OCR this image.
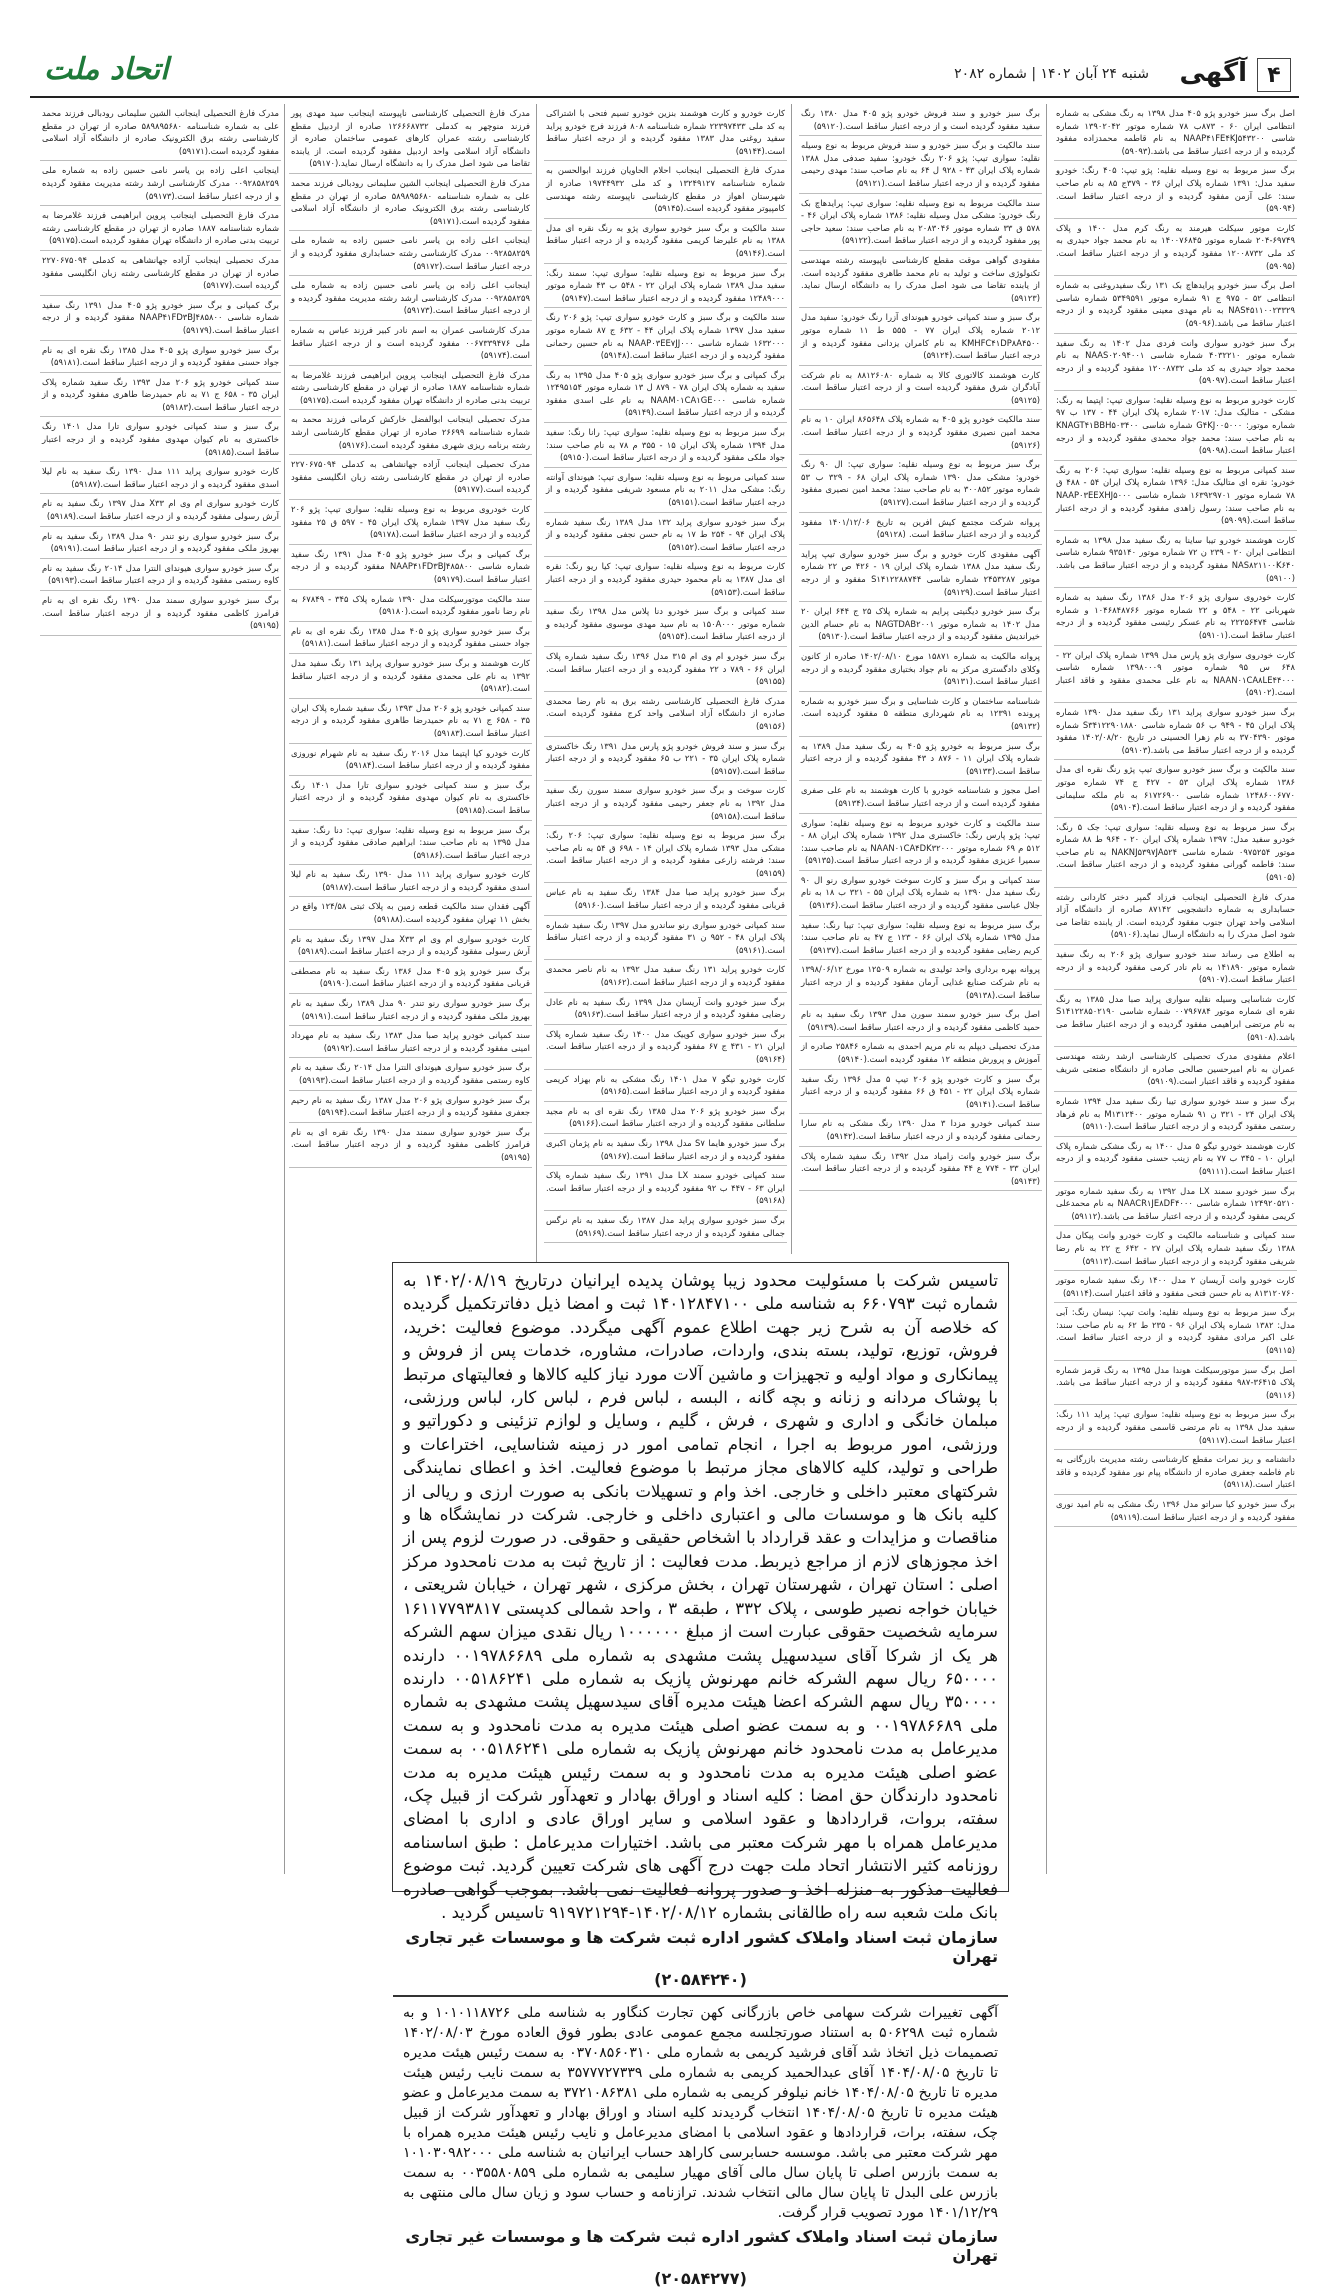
۴
آگهی
شنبه ۲۴ آبان ۱۴۰۲ | شماره ۲۰۸۲
اتحاد ملت
اصل برگ سبز خودرو پژو ۴۰۵ مدل ۱۳۹۸ به رنگ مشکی به شماره انتظامی ایران ۶۰ - ۸۷۳ب ۷۸ شماره موتور ۱۳۹۰۲۰۴۲ شماره شاسی NAAP۴۱FE۴KJ۵۴۳۲۰۰ به نام قاطمه محمدزاده مفقود گردیده و از درجه اعتبار ساقط می باشد.(۵۹۰۹۳)
برگ سبز مربوط به نوع وسیله نقلیه: پژو تیپ: ۴۰۵ رنگ: خودرو سفید مدل: ۱۳۹۱ شماره پلاک ایران ۳۶ - ۳۷۹ج ۸۵ به نام صاحب سند: علی آزمن مفقود گردیده و از درجه اعتبار ساقط است.(۵۹۰۹۴)
کارت موتور سیکلت هیرمند به رنگ کرم مدل ۱۴۰۰ و پلاک ۶۹۷۴۹-۲۰۴ شماره موتور ۱۴۰۰۷۶۸۴۵ به نام محمد جواد حیدری به کد ملی ۱۲۰۰۸۷۳۲ مفقود گردیده و از درجه اعتبار ساقط است.(۵۹۰۹۵)
اصل برگ سبز خودرو پرایدهاچ بک ۱۳۱ رنگ سفیدروغنی به شماره انتظامی ۵۲ - ۹۷۵ ج ۹۱ شماره موتور ۵۳۴۹۵۹۱ شماره شاسی NAS۴۵۱۱۰۰۲۳۳۲۹ به نام مهدی معینی مفقود گردیده و از درجه اعتبار ساقط می باشد.(۵۹۰۹۶)
برگ سبز خودرو سواری وانت فردی مدل ۱۴۰۲ به رنگ سفید شماره موتور ۴۰۳۲۲۱۰ شماره شاسی NAAS۰۲۰۹۴۰۰۱ به نام محمد جواد حیدری به کد ملی ۱۲۰۰۸۷۳۲ مفقود گردیده و از درجه اعتبار ساقط است.(۵۹۰۹۷)
کارت خودرو مربوط به نوع وسیله نقلیه: سواری تیپ: اپتیما به رنگ: مشکی - متالیک مدل: ۲۰۱۷ شماره پلاک ایران ۴۴ - ۱۳۷ ب ۹۷ شماره موتور: G۴KJ۰۰۵۰۰۰ شماره شاسی KNAGT۴۱BBH۵۰۳۴۰۰ به نام صاحب سند: محمد جواد محمدی مفقود گردیده و از درجه اعتبار ساقط است.(۵۹۰۹۸)
سند کمپانی مربوط به نوع وسیله نقلیه: سواری تیپ: ۲۰۶ به رنگ خودرو: نقره ای متالیک مدل: ۱۳۹۶ شماره پلاک ایران ۵۴ - ۴۸۸ ق ۷۸ شماره موتور ۱۶۳۹۲۹۷۰۱ شماره شاسی NAAP۰۳EEXHJ۵۰۰۰ به نام صاحب سند: رسول زاهدی مفقود گردیده و از درجه اعتبار ساقط است.(۵۹۰۹۹)
کارت هوشمند خودرو تیبا ساینا به رنگ سفید مدل ۱۳۹۸ به شماره انتظامی ایران ۲۰ - ۲۳۹ ن ۷۲ شماره موتور ۹۳۵۱۴۰ شماره شاسی NAS۸۲۱۱۰۰K۶۴۰ مفقود گردیده و از درجه اعتبار ساقط می باشد.(۵۹۱۰۰)
کارت خودروی سواری پژو ۲۰۶ مدل ۱۳۸۶ رنگ سفید به شماره شهربانی ۲۲ - ۵۴۸ و ۲۲ شماره موتور ۱۰۴۶۸۴۸۷۶۶ و شماره شاسی ۲۲۲۵۶۴۷۴ به نام عسکر رئیسی مفقود گردیده و از درجه اعتبار ساقط است.(۵۹۱۰۱)
کارت خودروی سواری پژو پارس مدل ۱۳۹۹ شماره پلاک ایران ۲۲ - ۶۴۸ س ۹۵ شماره موتور ۱۳۹۸۰۰۰۹ شماره شاسی NAAN۰۱CA۸LE۴۴۰۰۰ به نام علی محمدی مفقود و فاقد اعتبار است.(۵۹۱۰۲)
برگ سبز خودرو سواری پراید ۱۳۱ رنگ سفید مدل ۱۳۹۰ شماره پلاک ایران ۴۵ - ۹۴۹ ب ۵۶ شماره شاسی S۳۴۱۲۲۹۰۱۸۸۰ شماره موتور ۳۷۰۴۳۹۰ به نام زهرا الحسینی در تاریخ ۱۴۰۲/۰۸/۲۰ مفقود گردیده و از درجه اعتبار ساقط می باشد.(۵۹۱۰۳)
سند مالکیت و برگ سبز خودرو سواری تیپ پژو رنگ نقره ای مدل ۱۳۸۶ شماره پلاک ایران ۵۳ - ۴۲۷ ج ۷۴ شماره موتور ۱۲۴۸۶۰۰۶۷۷۰ شماره شاسی ۶۱۷۲۶۹۰۰ به نام ملکه سلیمانی مفقود گردیده و از درجه اعتبار ساقط است.(۵۹۱۰۴)
برگ سبز مربوط به نوع وسیله نقلیه: سواری تیپ: جک ۵ رنگ: خودرو سفید مدل: ۱۳۹۷ شماره پلاک ایران ۲۰ - ۹۶۴ ط ۸۸ شماره موتور ۰۹۷۵۲۵۴ شماره شاسی NAKNJ۵۳۹۷JA۵۲۴ به نام صاحب سند: فاطمه گورانی مفقود گردیده و از درجه اعتبار ساقط است.(۵۹۱۰۵)
مدرک فارغ التحصیلی اینجانب فرزاد گمپر دختر کاردانی رشته حسابداری به شماره دانشجویی ۸۷۱۴۲ صادره از دانشگاه آزاد اسلامی واحد تهران جنوب مفقود گردیده است. از یابنده تقاضا می شود اصل مدرک را به دانشگاه ارسال نماید.(۵۹۱۰۶)
به اطلاع می رساند سند خودرو سواری پژو ۲۰۶ به رنگ سفید شماره موتور ۱۴۱۸۹۰ به نام نادر کرمی مفقود گردیده و از درجه اعتبار ساقط است.(۵۹۱۰۷)
کارت شناسایی وسیله نقلیه سواری پراید صبا مدل ۱۳۸۵ به رنگ نقره ای شماره موتور ۰۰۷۹۶۷۸۴ شماره شاسی S۱۴۱۲۲۸۵۰۲۱۹۰ به نام مرتضی ابراهیمی مفقود گردیده و از درجه اعتبار ساقط می باشد.(۵۹۱۰۸)
اعلام مفقودی مدرک تحصیلی کارشناسی ارشد رشته مهندسی عمران به نام امیرحسین صالحی صادره از دانشگاه صنعتی شریف مفقود گردیده و فاقد اعتبار است.(۵۹۱۰۹)
برگ سبز و سند خودرو سواری تیبا رنگ سفید مدل ۱۳۹۴ شماره پلاک ایران ۲۴ - ۳۲۱ ن ۹۱ شماره موتور M۱۳۱۲۴۰۰ به نام فرهاد رستمی مفقود گردیده و از درجه اعتبار ساقط است.(۵۹۱۱۰)
کارت هوشمند خودرو تیگو ۵ مدل ۱۴۰۰ به رنگ مشکی شماره پلاک ایران ۱۰ - ۳۴۵ ب ۷۷ به نام زینب حسنی مفقود گردیده و از درجه اعتبار ساقط است.(۵۹۱۱۱)
برگ سبز خودرو سمند LX مدل ۱۳۹۲ به رنگ سفید شماره موتور ۱۲۴۹۲۰۵۲۱۰ شماره شاسی NAACR۱JE۸DF۴۰۰۰ به نام محمدعلی کریمی مفقود گردیده و از درجه اعتبار ساقط می باشد.(۵۹۱۱۲)
سند کمپانی و شناسنامه مالکیت و کارت خودرو وانت پیکان مدل ۱۳۸۸ رنگ سفید شماره پلاک ایران ۲۷ - ۶۴۲ ج ۲۲ به نام رضا شریفی مفقود گردیده و از درجه اعتبار ساقط است.(۵۹۱۱۳)
کارت خودرو وانت آریسان ۲ مدل ۱۴۰۰ رنگ سفید شماره موتور ۸۱۳۱۲۰۷۶۰ به نام حسن فتحی مفقود و فاقد اعتبار است.(۵۹۱۱۴)
برگ سبز مربوط به نوع وسیله نقلیه: وانت تیپ: نیسان رنگ: آبی مدل: ۱۳۸۲ شماره پلاک ایران ۹۶ - ۲۳۵ ط ۶۲ به نام صاحب سند: علی اکبر مرادی مفقود گردیده و از درجه اعتبار ساقط است.(۵۹۱۱۵)
اصل برگ سبز موتورسیکلت هوندا مدل ۱۳۹۵ به رنگ قرمز شماره پلاک ۳۶۴۱۵-۹۸۷ مفقود گردیده و از درجه اعتبار ساقط می باشد.(۵۹۱۱۶)
برگ سبز مربوط به نوع وسیله نقلیه: سواری تیپ: پراید ۱۱۱ رنگ: سفید مدل ۱۳۹۸ به نام مرتضی قاسمی مفقود گردیده و از درجه اعتبار ساقط است.(۵۹۱۱۷)
دانشنامه و ریز نمرات مقطع کارشناسی رشته مدیریت بازرگانی به نام فاطمه جعفری صادره از دانشگاه پیام نور مفقود گردیده و فاقد اعتبار است.(۵۹۱۱۸)
برگ سبز خودرو کیا سراتو مدل ۱۳۹۶ رنگ مشکی به نام امید نوری مفقود گردیده و از درجه اعتبار ساقط است.(۵۹۱۱۹)
برگ سبز خودرو و سند فروش خودرو پژو ۴۰۵ مدل ۱۳۸۰ رنگ سفید مفقود گردیده است و از درجه اعتبار ساقط است.(۵۹۱۲۰)
سند مالکیت و برگ سبز خودرو و سند فروش مربوط به نوع وسیله نقلیه: سواری تیپ: پژو ۲۰۶ رنگ خودرو: سفید صدفی مدل ۱۳۸۸ شماره پلاک ایران ۴۳ - ۹۲۸ ل ۶۴ به نام صاحب سند: مهدی رحیمی مفقود گردیده و از درجه اعتبار ساقط است.(۵۹۱۲۱)
سند مالکیت مربوط به نوع وسیله نقلیه: سواری تیپ: پرایدهاچ بک رنگ خودرو: مشکی مدل وسیله نقلیه: ۱۳۸۶ شماره پلاک ایران ۴۶ - ۵۷۸ ق ۳۳ شماره موتور ۲۰۸۳۰۴۶ به نام صاحب سند: سعید حاجی پور مفقود گردیده و از درجه اعتبار ساقط است.(۵۹۱۲۲)
مفقودی گواهی موقت مقطع کارشناسی ناپیوسته رشته مهندسی تکنولوژی ساخت و تولید به نام محمد طاهری مفقود گردیده است. از یابنده تقاضا می شود اصل مدرک را به دانشگاه ارسال نماید.(۵۹۱۲۳)
برگ سبز و سند کمپانی خودرو هیوندای آزرا رنگ خودرو: سفید مدل ۲۰۱۲ شماره پلاک ایران ۷۷ - ۵۵۵ ط ۱۱ شماره موتور KMHFC۴۱DP۸A۴۵۰۰ به نام کامران یزدانی مفقود گردیده و از درجه اعتبار ساقط است.(۵۹۱۲۴)
کارت هوشمند کالاتوری کالا به شماره ۸۸۱۲۶۰۸۰ به نام شرکت آبادگران شرق مفقود گردیده است و از درجه اعتبار ساقط است.(۵۹۱۲۵)
سند مالکیت خودرو پژو ۴۰۵ به شماره پلاک ۸۶۵۶۴۸ ایران ۱۰ به نام محمد امین نصیری مفقود گردیده و از درجه اعتبار ساقط است.(۵۹۱۲۶)
برگ سبز مربوط به نوع وسیله نقلیه: سواری تیپ: ال ۹۰ رنگ خودرو: مشکی مدل ۱۳۹۰ شماره پلاک ایران ۶۸ - ۳۲۹ ب ۵۳ شماره موتور ۳۰۰۸۵۲ به نام صاحب سند: محمد امین نصیری مفقود گردیده و از درجه اعتبار ساقط است.(۵۹۱۲۷)
پروانه شرکت مجتمع کیش افرین به تاریخ ۱۴۰۱/۱۲/۰۶ مفقود گردیده و از درجه اعتبار ساقط است. (۵۹۱۲۸)
آگهی مفقودی کارت خودرو و برگ سبز خودرو سواری تیپ پراید رنگ سفید مدل ۱۳۸۸ شماره پلاک ایران ۱۹ - ۴۲۶ ص ۲۲ شماره موتور ۲۴۵۳۲۸۷ شماره شاسی S۱۴۱۲۲۸۸۷۴۴ مفقود و از درجه اعتبار ساقط است.(۵۹۱۲۹)
برگ سبز خودرو دیگنیتی پرایم به شماره پلاک ۲۵ ج ۶۴۴ ایران ۲۰ مدل ۱۴۰۲ به شماره موتور NAGTDAB۲۰۰۱ به نام حسام الدین خیراندیش مفقود گردیده و از درجه اعتبار ساقط است.(۵۹۱۳۰)
پروانه مالکیت به شماره ۱۵۸۷۱ مورخ ۱۴۰۲/۰۸/۱۰ صادره از کانون وکلای دادگستری مرکز به نام جواد بختیاری مفقود گردیده و از درجه اعتبار ساقط است.(۵۹۱۳۱)
شناسنامه ساختمان و کارت شناسایی و برگ سبز خودرو به شماره پرونده ۱۲۳۹۱ به نام شهرداری منطقه ۵ مفقود گردیده است.(۵۹۱۳۲)
برگ سبز مربوط به خودرو پژو ۴۰۵ به رنگ سفید مدل ۱۳۸۹ به شماره پلاک ایران ۱۱ - ۸۷۶ د ۴۳ مفقود گردیده و از درجه اعتبار ساقط است.(۵۹۱۳۳)
اصل مجوز و شناسنامه خودرو با کارت هوشمند به نام علی صفری مفقود گردیده است و از درجه اعتبار ساقط است.(۵۹۱۳۴)
سند مالکیت و کارت خودرو مربوط به نوع وسیله نقلیه: سواری تیپ: پژو پارس رنگ: خاکستری مدل ۱۳۹۲ شماره پلاک ایران ۸۸ - ۵۱۲ م ۶۹ شماره موتور NAAN۰۱CA۴DK۳۲۰۰۰ به نام صاحب سند: سمیرا عزیزی مفقود گردیده و از درجه اعتبار ساقط است.(۵۹۱۳۵)
سند کمپانی و برگ سبز و کارت سوخت خودرو سواری رنو ال ۹۰ رنگ سفید مدل ۱۳۹۰ به شماره پلاک ایران ۵۵ - ۳۲۱ ب ۱۸ به نام جلال عباسی مفقود گردیده و از درجه اعتبار ساقط است.(۵۹۱۳۶)
برگ سبز مربوط به نوع وسیله نقلیه: سواری تیپ: تیبا رنگ: سفید مدل ۱۳۹۵ شماره پلاک ایران ۶۶ - ۱۲۳ ج ۴۷ به نام صاحب سند: کریم رضایی مفقود گردیده و از درجه اعتبار ساقط است.(۵۹۱۳۷)
پروانه بهره برداری واحد تولیدی به شماره ۱۲۵۰۹ مورخ ۱۳۹۸/۰۶/۱۲ به نام شرکت صنایع غذایی آرمان مفقود گردیده و از درجه اعتبار ساقط است.(۵۹۱۳۸)
اصل برگ سبز خودرو سمند سورن مدل ۱۳۹۳ رنگ سفید به نام حمید کاظمی مفقود گردیده و از درجه اعتبار ساقط است.(۵۹۱۳۹)
مدرک تحصیلی دیپلم به نام مریم احمدی به شماره ۲۵۸۴۶ صادره از آموزش و پرورش منطقه ۱۲ مفقود گردیده است.(۵۹۱۴۰)
برگ سبز و کارت خودرو پژو ۲۰۶ تیپ ۵ مدل ۱۳۹۶ رنگ سفید شماره پلاک ایران ۲۲ - ۴۵۱ ق ۶۶ مفقود گردیده و از درجه اعتبار ساقط است.(۵۹۱۴۱)
سند کمپانی خودرو مزدا ۳ مدل ۱۳۹۰ رنگ مشکی به نام سارا رحمانی مفقود گردیده و از درجه اعتبار ساقط است.(۵۹۱۴۲)
برگ سبز خودرو وانت زامیاد مدل ۱۳۹۲ رنگ سفید شماره پلاک ایران ۳۳ - ۷۷۴ ع ۴۴ مفقود گردیده و از درجه اعتبار ساقط است.(۵۹۱۴۳)
کارت خودرو و کارت هوشمند بنزین خودرو تسیم فتحی با اشتراکی به کد ملی ۲۲۳۹۷۴۳۳ شماره شناسنامه ۸۰۸ فرزند فرج خودرو پراید سفید روغنی مدل ۱۳۸۳ مفقود گردیده و از درجه اعتبار ساقط است.(۵۹۱۴۴)
مدرک فارغ التحصیلی اینجانب احلام الحاویان فرزند ابوالحسن به شماره شناسنامه ۱۳۲۴۹۱۲۷ و کد ملی ۱۹۷۴۴۹۳۲ صادره از شهرستان اهواز در مقطع کارشناسی ناپیوسته رشته مهندسی کامپیوتر مفقود گردیده است.(۵۹۱۴۵)
سند مالکیت و برگ سبز خودرو سواری پژو به رنگ نقره ای مدل ۱۳۸۸ به نام علیرضا کریمی مفقود گردیده و از درجه اعتبار ساقط است.(۵۹۱۴۶)
برگ سبز مربوط به نوع وسیله نقلیه: سواری تیپ: سمند رنگ: سفید مدل ۱۳۸۹ شماره پلاک ایران ۲۲ - ۵۴۸ ب ۴۳ شماره موتور ۱۲۴۸۹۰۰۰ مفقود گردیده و از درجه اعتبار ساقط است.(۵۹۱۴۷)
سند مالکیت و برگ سبز و کارت خودرو سواری تیپ: پژو ۲۰۶ رنگ سفید مدل ۱۳۹۷ شماره پلاک ایران ۴۴ - ۶۳۲ ج ۸۷ شماره موتور ۱۶۳۲۰۰۰ شماره شاسی NAAP۰۳EE۷JJ۰۰۰ به نام حسین رحمانی مفقود گردیده و از درجه اعتبار ساقط است.(۵۹۱۴۸)
برگ کمپانی و برگ سبز خودرو سواری پژو ۴۰۵ مدل ۱۳۹۵ به رنگ سفید به شماره پلاک ایران ۷۸ - ۸۷۹ ل ۱۳ شماره موتور ۱۲۴۹۵۱۵۴ شماره شاسی NAAM۰۱CA۱GE۰۰۰ به نام علی اسدی مفقود گردیده و از درجه اعتبار ساقط است.(۵۹۱۴۹)
برگ سبز مربوط به نوع وسیله نقلیه: سواری تیپ: رانا رنگ: سفید مدل ۱۳۹۴ شماره پلاک ایران ۱۵ - ۳۵۵ م ۷۸ به نام صاحب سند: جواد ملکی مفقود گردیده و از درجه اعتبار ساقط است.(۵۹۱۵۰)
سند کمپانی مربوط به نوع وسیله نقلیه: سواری تیپ: هیوندای آوانته رنگ: مشکی مدل ۲۰۱۱ به نام مسعود شریفی مفقود گردیده و از درجه اعتبار ساقط است.(۵۹۱۵۱)
برگ سبز خودرو سواری پراید ۱۳۲ مدل ۱۳۸۹ رنگ سفید شماره پلاک ایران ۹۴ - ۲۵۴ ط ۱۷ به نام حسن نجفی مفقود گردیده و از درجه اعتبار ساقط است.(۵۹۱۵۲)
کارت مربوط به نوع وسیله نقلیه: سواری تیپ: کیا ریو رنگ: نقره ای مدل ۱۳۸۷ به نام محمود حیدری مفقود گردیده و از درجه اعتبار ساقط است.(۵۹۱۵۳)
سند کمپانی و برگ سبز خودرو دنا پلاس مدل ۱۳۹۸ رنگ سفید شماره موتور ۱۵۰A۰۰۰ به نام سید مهدی موسوی مفقود گردیده و از درجه اعتبار ساقط است.(۵۹۱۵۴)
برگ سبز خودرو ام وی ام ۳۱۵ مدل ۱۳۹۶ رنگ سفید شماره پلاک ایران ۶۶ - ۷۸۹ د ۲۲ مفقود گردیده و از درجه اعتبار ساقط است.(۵۹۱۵۵)
مدرک فارغ التحصیلی کارشناسی رشته برق به نام رضا محمدی صادره از دانشگاه آزاد اسلامی واحد کرج مفقود گردیده است.(۵۹۱۵۶)
برگ سبز و سند فروش خودرو پژو پارس مدل ۱۳۹۱ رنگ خاکستری شماره پلاک ایران ۳۵ - ۲۲۱ ب ۶۵ مفقود گردیده و از درجه اعتبار ساقط است.(۵۹۱۵۷)
کارت سوخت و برگ سبز خودرو سواری سمند سورن رنگ سفید مدل ۱۳۹۲ به نام جعفر رحیمی مفقود گردیده و از درجه اعتبار ساقط است.(۵۹۱۵۸)
برگ سبز مربوط به نوع وسیله نقلیه: سواری تیپ: ۲۰۶ رنگ: مشکی مدل ۱۳۹۳ شماره پلاک ایران ۱۴ - ۶۹۸ ق ۵۴ به نام صاحب سند: فرشته زارعی مفقود گردیده و از درجه اعتبار ساقط است.(۵۹۱۵۹)
برگ سبز خودرو پراید صبا مدل ۱۳۸۴ رنگ سفید به نام عباس قربانی مفقود گردیده و از درجه اعتبار ساقط است.(۵۹۱۶۰)
سند کمپانی خودرو سواری رنو ساندرو مدل ۱۳۹۷ رنگ سفید شماره پلاک ایران ۴۸ - ۹۵۲ ن ۳۱ مفقود گردیده و از درجه اعتبار ساقط است.(۵۹۱۶۱)
کارت خودرو پراید ۱۳۱ رنگ سفید مدل ۱۳۹۲ به نام ناصر محمدی مفقود گردیده و از درجه اعتبار ساقط است.(۵۹۱۶۲)
برگ سبز خودرو وانت آریسان مدل ۱۳۹۹ رنگ سفید به نام عادل رضایی مفقود گردیده و از درجه اعتبار ساقط است.(۵۹۱۶۳)
برگ سبز خودرو سواری کوییک مدل ۱۴۰۰ رنگ سفید شماره پلاک ایران ۲۱ - ۴۳۱ ج ۶۷ مفقود گردیده و از درجه اعتبار ساقط است.(۵۹۱۶۴)
کارت خودرو تیگو ۷ مدل ۱۴۰۱ رنگ مشکی به نام بهزاد کریمی مفقود گردیده و از درجه اعتبار ساقط است.(۵۹۱۶۵)
برگ سبز خودرو پژو ۲۰۶ مدل ۱۳۸۵ رنگ نقره ای به نام مجید سلطانی مفقود گردیده و از درجه اعتبار ساقط است.(۵۹۱۶۶)
برگ سبز خودرو هایما S۷ مدل ۱۳۹۸ رنگ سفید به نام پژمان اکبری مفقود گردیده و از درجه اعتبار ساقط است.(۵۹۱۶۷)
سند کمپانی خودرو سمند LX مدل ۱۳۹۱ رنگ سفید شماره پلاک ایران ۶۳ - ۴۴۷ ب ۹۲ مفقود گردیده و از درجه اعتبار ساقط است.(۵۹۱۶۸)
برگ سبز خودرو سواری پراید مدل ۱۳۸۷ رنگ سفید به نام نرگس جمالی مفقود گردیده و از درجه اعتبار ساقط است.(۵۹۱۶۹)
مدرک فارغ التحصیلی کارشناسی ناپیوسته اینجانب سید مهدی پور فرزند منوچهر به کدملی ۱۲۶۶۶۸۷۳۲ صادره از اردبیل مقطع کارشناسی رشته عمران کارهای عمومی ساختمان صادره از دانشگاه آزاد اسلامی واحد اردبیل مفقود گردیده است. از یابنده تقاضا می شود اصل مدرک را به دانشگاه ارسال نماید.(۵۹۱۷۰)
مدرک فارغ التحصیلی اینجانب الشین سلیمانی رودبالی فرزند محمد علی به شماره شناسنامه ۵۸۹۸۹۵۶۸۰ صادره از تهران در مقطع کارشناسی رشته برق الکترونیک صادره از دانشگاه آزاد اسلامی مفقود گردیده است.(۵۹۱۷۱)
اینجانب اعلی زاده بن یاسر نامی حسین زاده به شماره ملی ۰۰۹۲۸۵۸۲۵۹ مدرک کارشناسی رشته حسابداری مفقود گردیده و از درجه اعتبار ساقط است.(۵۹۱۷۲)
اینجانب اعلی زاده بن یاسر نامی حسین زاده به شماره ملی ۰۰۹۲۸۵۸۲۵۹ مدرک کارشناسی ارشد رشته مدیریت مفقود گردیده و از درجه اعتبار ساقط است.(۵۹۱۷۳)
مدرک کارشناسی عمران به اسم نادر کبیر فرزند عباس به شماره ملی ۰۰۶۷۳۳۹۴۷۶ مفقود گردیده است و از درجه اعتبار ساقط است.(۵۹۱۷۴)
مدرک فارغ التحصیلی اینجانب پروین ابراهیمی فرزند غلامرضا به شماره شناسنامه ۱۸۸۷ صادره از تهران در مقطع کارشناسی رشته تربیت بدنی صادره از دانشگاه تهران مفقود گردیده است.(۵۹۱۷۵)
مدرک تحصیلی اینجانب ابوالفضل خارکش کرمانی فرزند محمد به شماره شناسنامه ۲۶۶۹۹ صادره از تهران مقطع کارشناسی ارشد رشته برنامه ریزی شهری مفقود گردیده است.(۵۹۱۷۶)
مدرک تحصیلی اینجانب آزاده جهانشاهی به کدملی ۲۲۷۰۶۷۵۰۹۴ صادره از تهران در مقطع کارشناسی رشته زبان انگلیسی مفقود گردیده است.(۵۹۱۷۷)
کارت خودروی مربوط به نوع وسیله نقلیه: سواری تیپ: پژو ۲۰۶ رنگ سفید مدل ۱۳۹۷ شماره پلاک ایران ۴۵ - ۵۹۷ ق ۲۵ مفقود گردیده و از درجه اعتبار ساقط است.(۵۹۱۷۸)
برگ کمپانی و برگ سبز خودرو پژو ۴۰۵ مدل ۱۳۹۱ رنگ سفید شماره شاسی NAAP۴۱FD۳BJ۴۸۵۸۰۰ مفقود گردیده و از درجه اعتبار ساقط است.(۵۹۱۷۹)
سند مالکیت موتورسیکلت مدل ۱۳۹۰ شماره پلاک ۳۴۵ - ۶۷۸۴۹ به نام رضا نامور مفقود گردیده است.(۵۹۱۸۰)
برگ سبز خودرو سواری پژو ۴۰۵ مدل ۱۳۸۵ رنگ نقره ای به نام جواد حسنی مفقود گردیده و از درجه اعتبار ساقط است.(۵۹۱۸۱)
کارت هوشمند و برگ سبز خودرو سواری پراید ۱۳۱ رنگ سفید مدل ۱۳۹۲ به نام علی محمدی مفقود گردیده و از درجه اعتبار ساقط است.(۵۹۱۸۲)
سند کمپانی خودرو پژو ۲۰۶ مدل ۱۳۹۳ رنگ سفید شماره پلاک ایران ۳۵ - ۶۵۸ ج ۷۱ به نام حمیدرضا طاهری مفقود گردیده و از درجه اعتبار ساقط است.(۵۹۱۸۳)
کارت خودرو کیا اپتیما مدل ۲۰۱۶ رنگ سفید به نام شهرام نوروزی مفقود گردیده و از درجه اعتبار ساقط است.(۵۹۱۸۴)
برگ سبز و سند کمپانی خودرو سواری تارا مدل ۱۴۰۱ رنگ خاکستری به نام کیوان مهدوی مفقود گردیده و از درجه اعتبار ساقط است.(۵۹۱۸۵)
برگ سبز مربوط به نوع وسیله نقلیه: سواری تیپ: دنا رنگ: سفید مدل ۱۳۹۵ به نام صاحب سند: ابراهیم صادقی مفقود گردیده و از درجه اعتبار ساقط است.(۵۹۱۸۶)
کارت خودرو سواری پراید ۱۱۱ مدل ۱۳۹۰ رنگ سفید به نام لیلا اسدی مفقود گردیده و از درجه اعتبار ساقط است.(۵۹۱۸۷)
آگهی فقدان سند مالکیت قطعه زمین به پلاک ثبتی ۱۲۴/۵۸ واقع در بخش ۱۱ تهران مفقود گردیده است.(۵۹۱۸۸)
کارت خودرو سواری ام وی ام X۳۳ مدل ۱۳۹۷ رنگ سفید به نام آرش رسولی مفقود گردیده و از درجه اعتبار ساقط است.(۵۹۱۸۹)
برگ سبز خودرو پژو ۴۰۵ مدل ۱۳۸۶ رنگ سفید به نام مصطفی قربانی مفقود گردیده و از درجه اعتبار ساقط است.(۵۹۱۹۰)
برگ سبز خودرو سواری رنو تندر ۹۰ مدل ۱۳۸۹ رنگ سفید به نام بهروز ملکی مفقود گردیده و از درجه اعتبار ساقط است.(۵۹۱۹۱)
سند کمپانی خودرو پراید صبا مدل ۱۳۸۳ رنگ سفید به نام مهرداد امینی مفقود گردیده و از درجه اعتبار ساقط است.(۵۹۱۹۲)
برگ سبز خودرو سواری هیوندای النترا مدل ۲۰۱۴ رنگ سفید به نام کاوه رستمی مفقود گردیده و از درجه اعتبار ساقط است.(۵۹۱۹۳)
برگ سبز خودرو سواری پژو ۲۰۶ مدل ۱۳۸۷ رنگ سفید به نام رحیم جعفری مفقود گردیده و از درجه اعتبار ساقط است.(۵۹۱۹۴)
برگ سبز خودرو سواری سمند مدل ۱۳۹۰ رنگ نقره ای به نام فرامرز کاظمی مفقود گردیده و از درجه اعتبار ساقط است.(۵۹۱۹۵)
مدرک فارغ التحصیلی اینجانب الشین سلیمانی رودبالی فرزند محمد علی به شماره شناسنامه ۵۸۹۸۹۵۶۸۰ صادره از تهران در مقطع کارشناسی رشته برق الکترونیک صادره از دانشگاه آزاد اسلامی مفقود گردیده است.(۵۹۱۷۱)
اینجانب اعلی زاده بن یاسر نامی حسین زاده به شماره ملی ۰۰۹۲۸۵۸۲۵۹ مدرک کارشناسی ارشد رشته مدیریت مفقود گردیده و از درجه اعتبار ساقط است.(۵۹۱۷۳)
مدرک فارغ التحصیلی اینجانب پروین ابراهیمی فرزند غلامرضا به شماره شناسنامه ۱۸۸۷ صادره از تهران در مقطع کارشناسی رشته تربیت بدنی صادره از دانشگاه تهران مفقود گردیده است.(۵۹۱۷۵)
مدرک تحصیلی اینجانب آزاده جهانشاهی به کدملی ۲۲۷۰۶۷۵۰۹۴ صادره از تهران در مقطع کارشناسی رشته زبان انگلیسی مفقود گردیده است.(۵۹۱۷۷)
برگ کمپانی و برگ سبز خودرو پژو ۴۰۵ مدل ۱۳۹۱ رنگ سفید شماره شاسی NAAP۴۱FD۳BJ۴۸۵۸۰۰ مفقود گردیده و از درجه اعتبار ساقط است.(۵۹۱۷۹)
برگ سبز خودرو سواری پژو ۴۰۵ مدل ۱۳۸۵ رنگ نقره ای به نام جواد حسنی مفقود گردیده و از درجه اعتبار ساقط است.(۵۹۱۸۱)
سند کمپانی خودرو پژو ۲۰۶ مدل ۱۳۹۳ رنگ سفید شماره پلاک ایران ۳۵ - ۶۵۸ ج ۷۱ به نام حمیدرضا طاهری مفقود گردیده و از درجه اعتبار ساقط است.(۵۹۱۸۳)
برگ سبز و سند کمپانی خودرو سواری تارا مدل ۱۴۰۱ رنگ خاکستری به نام کیوان مهدوی مفقود گردیده و از درجه اعتبار ساقط است.(۵۹۱۸۵)
کارت خودرو سواری پراید ۱۱۱ مدل ۱۳۹۰ رنگ سفید به نام لیلا اسدی مفقود گردیده و از درجه اعتبار ساقط است.(۵۹۱۸۷)
کارت خودرو سواری ام وی ام X۳۳ مدل ۱۳۹۷ رنگ سفید به نام آرش رسولی مفقود گردیده و از درجه اعتبار ساقط است.(۵۹۱۸۹)
برگ سبز خودرو سواری رنو تندر ۹۰ مدل ۱۳۸۹ رنگ سفید به نام بهروز ملکی مفقود گردیده و از درجه اعتبار ساقط است.(۵۹۱۹۱)
برگ سبز خودرو سواری هیوندای النترا مدل ۲۰۱۴ رنگ سفید به نام کاوه رستمی مفقود گردیده و از درجه اعتبار ساقط است.(۵۹۱۹۳)
برگ سبز خودرو سواری سمند مدل ۱۳۹۰ رنگ نقره ای به نام فرامرز کاظمی مفقود گردیده و از درجه اعتبار ساقط است.(۵۹۱۹۵)

تاسیس شرکت با مسئولیت محدود زیبا پوشان پدیده ایرانیان درتاریخ ۱۴۰۲/۰۸/۱۹ به شماره ثبت ۶۶۰۷۹۳ به شناسه ملی ۱۴۰۱۲۸۴۷۱۰۰ ثبت و امضا ذیل دفاترتکمیل گردیده که خلاصه آن به شرح زیر جهت اطلاع عموم آگهی میگردد. موضوع فعالیت :خرید، فروش، توزیع، تولید، بسته بندی، واردات، صادرات، مشاوره، خدمات پس از فروش و پیمانکاری و مواد اولیه و تجهیزات و ماشین آلات مورد نیاز کلیه کالاها و فعالیتهای مرتبط با پوشاک مردانه و زنانه و بچه گانه ، البسه ، لباس فرم ، لباس کار، لباس ورزشی، مبلمان خانگی و اداری و شهری ، فرش ، گلیم ، وسایل و لوازم تزئینی و دکوراتیو و ورزشی، امور مربوط به اجرا ، انجام تمامی امور در زمینه شناسایی، اختراعات و طراحی و تولید، کلیه کالاهای مجاز مرتبط با موضوع فعالیت. اخذ و اعطای نمایندگی شرکتهای معتبر داخلی و خارجی. اخذ وام و تسهیلات بانکی به صورت ارزی و ریالی از کلیه بانک ها و موسسات مالی و اعتباری داخلی و خارجی. شرکت در نمایشگاه ها و مناقصات و مزایدات و عقد قرارداد با اشخاص حقیقی و حقوقی. در صورت لزوم پس از اخذ مجوزهای لازم از مراجع ذیربط. مدت فعالیت : از تاریخ ثبت به مدت نامحدود مرکز اصلی : استان تهران ، شهرستان تهران ، بخش مرکزی ، شهر تهران ، خیابان شریعتی ، خیابان خواجه نصیر طوسی ، پلاک ۳۳۲ ، طبقه ۳ ، واحد شمالی کدپستی ۱۶۱۱۷۷۹۳۸۱۷ سرمایه شخصیت حقوقی عبارت است از مبلغ ۱۰۰۰۰۰۰ ریال نقدی میزان سهم الشرکه هر یک از شرکا آقای سیدسهیل پشت مشهدی به شماره ملی ۰۰۱۹۷۸۶۶۸۹ دارنده ۶۵۰۰۰۰ ریال سهم الشرکه خانم مهرنوش پازیک به شماره ملی ۰۰۵۱۸۶۲۴۱ دارنده ۳۵۰۰۰۰ ریال سهم الشرکه اعضا هیئت مدیره آقای سیدسهیل پشت مشهدی به شماره ملی ۰۰۱۹۷۸۶۶۸۹ و به سمت عضو اصلی هیئت مدیره به مدت نامحدود و به سمت مدیرعامل به مدت نامحدود خانم مهرنوش پازیک به شماره ملی ۰۰۵۱۸۶۲۴۱ به سمت عضو اصلی هیئت مدیره به مدت نامحدود و به سمت رئیس هیئت مدیره به مدت نامحدود دارندگان حق امضا : کلیه اسناد و اوراق بهادار و تعهدآور شرکت از قبیل چک، سفته، بروات، قراردادها و عقود اسلامی و سایر اوراق عادی و اداری با امضای مدیرعامل همراه با مهر شرکت معتبر می باشد. اختیارات مدیرعامل : طبق اساسنامه روزنامه کثیر الانتشار اتحاد ملت جهت درج آگهی های شرکت تعیین گردید. ثبت موضوع فعالیت مذکور به منزله اخذ و صدور پروانه فعالیت نمی باشد. بموجب گواهی صادره بانک ملت شعبه سه راه طالقانی بشماره ۱۴۰۲/۰۸/۱۲-۹۱۹۷۲۱۲۹۴ تاسیس گردید .

سازمان ثبت اسناد واملاک کشور اداره ثبت شرکت ها و موسسات غیر تجاری تهران
(۲۰۵۸۴۲۴۰)

آگهی تغییرات شرکت سهامی خاص بازرگانی کهن تجارت کنگاور به شناسه ملی ۱۰۱۰۱۱۸۷۲۶ و به شماره ثبت ۵۰۶۲۹۸ به استناد صورتجلسه مجمع عمومی عادی بطور فوق العاده مورخ ۱۴۰۲/۰۸/۰۳ تصمیمات ذیل اتخاذ شد آقای فرشید کریمی به شماره ملی ۰۳۷۰۸۵۶۰۳۱۰ به سمت رئیس هیئت مدیره تا تاریخ ۱۴۰۴/۰۸/۰۵ آقای عبدالحمید کریمی به شماره ملی ۳۵۷۷۷۲۷۳۳۹ به سمت نایب رئیس هیئت مدیره تا تاریخ ۱۴۰۴/۰۸/۰۵ خانم نیلوفر کریمی به شماره ملی ۳۷۲۱۰۸۶۳۸۱ به سمت مدیرعامل و عضو هیئت مدیره تا تاریخ ۱۴۰۴/۰۸/۰۵ انتخاب گردیدند کلیه اسناد و اوراق بهادار و تعهدآور شرکت از قبیل چک، سفته، برات، قراردادها و عقود اسلامی با امضای مدیرعامل و نایب رئیس هیئت مدیره همراه با مهر شرکت معتبر می باشد. موسسه حسابرسی کاراهد حساب ایرانیان به شناسه ملی ۱۰۱۰۳۰۹۸۲۰۰۰ به سمت بازرس اصلی تا پایان سال مالی آقای مهیار سلیمی به شماره ملی ۰۰۳۵۵۸۰۸۵۹ به سمت بازرس علی البدل تا پایان سال مالی انتخاب شدند. ترازنامه و حساب سود و زیان سال مالی منتهی به ۱۴۰۱/۱۲/۲۹ مورد تصویب قرار گرفت.

سازمان ثبت اسناد واملاک کشور اداره ثبت شرکت ها و موسسات غیر تجاری تهران
(۲۰۵۸۴۲۷۷)
